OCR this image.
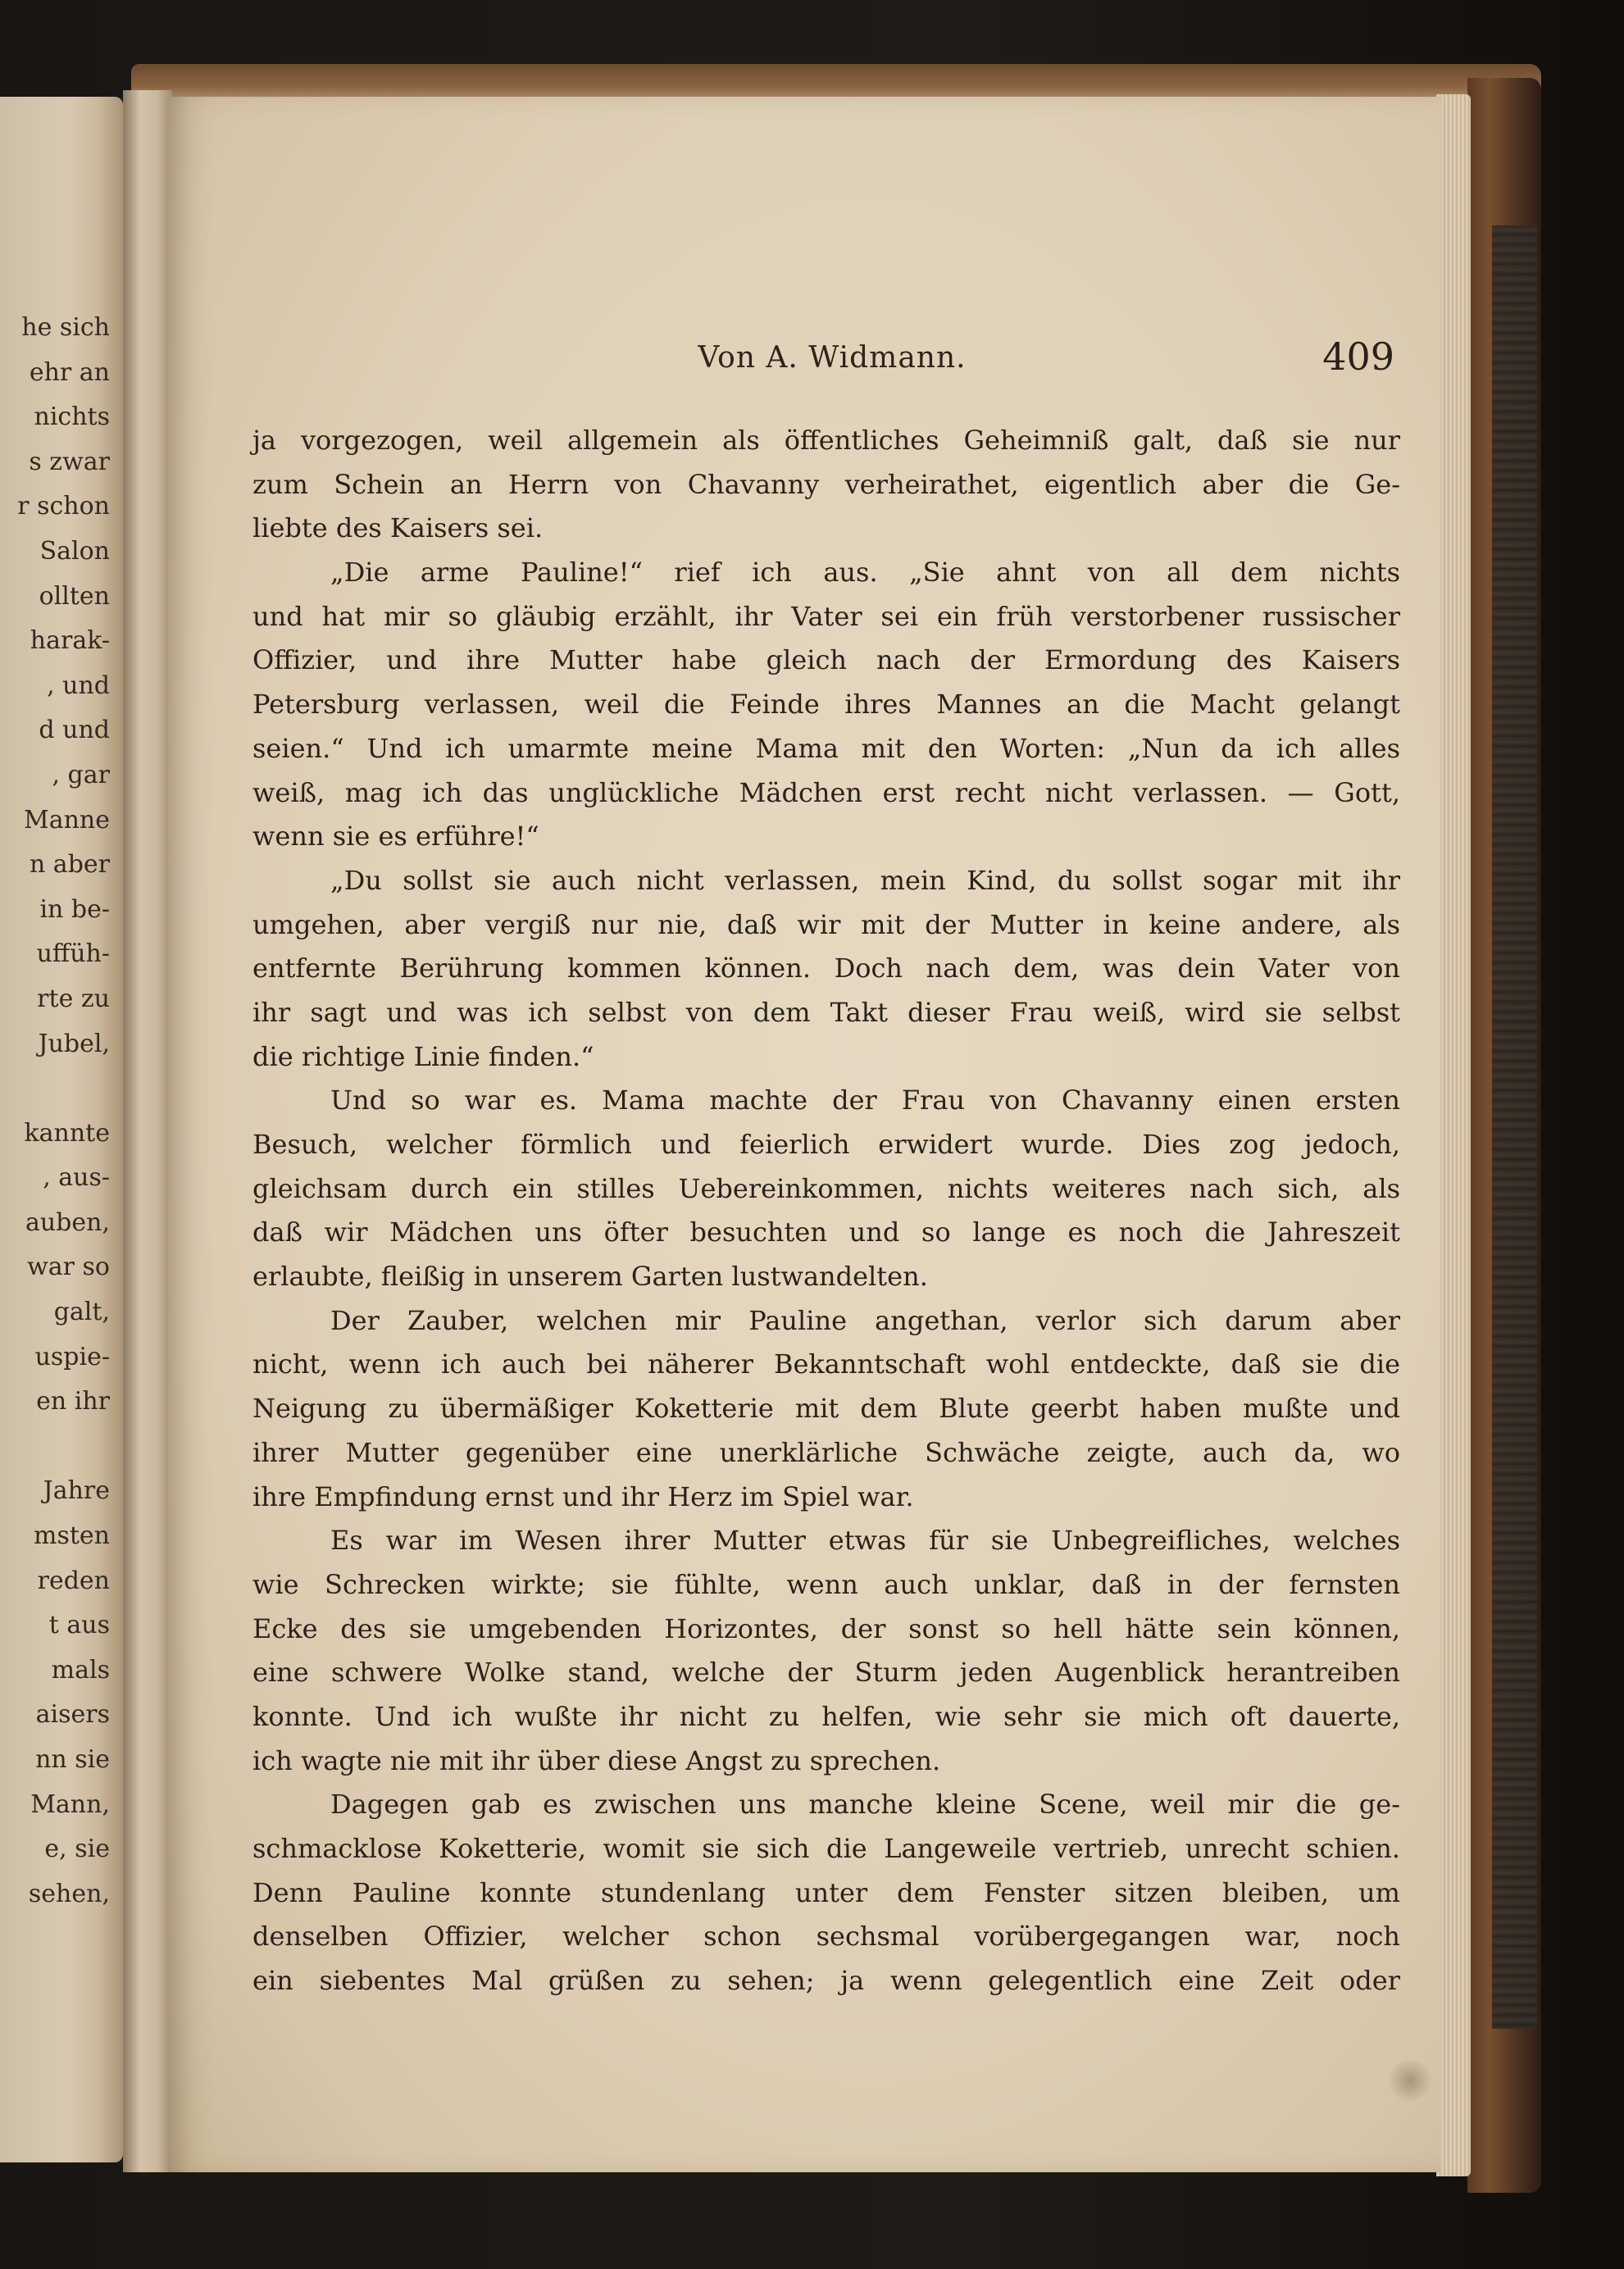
he sich
ehr an
nichts
s zwar
r schon
Salon
ollten
harak-
, und
d und
, gar
Manne
n aber
in be-
uffüh-
rte zu
Jubel,
kannte
, aus-
auben,
war so
galt,
uspie-
en ihr
Jahre
msten
reden
t aus
mals
aisers
nn sie
Mann,
e, sie
sehen,
Von A. Widmann.	409
ja vorgezogen, weil allgemein als öffentliches Geheimniß galt, daß sie nur
zum Schein an Herrn von Chavanny verheirathet, eigentlich aber die Ge-
liebte des Kaisers sei.
„Die arme Pauline!“ rief ich aus. „Sie ahnt von all dem nichts
und hat mir so gläubig erzählt, ihr Vater sei ein früh verstorbener russischer
Offizier, und ihre Mutter habe gleich nach der Ermordung des Kaisers
Petersburg verlassen, weil die Feinde ihres Mannes an die Macht gelangt
seien.“ Und ich umarmte meine Mama mit den Worten: „Nun da ich alles
weiß, mag ich das unglückliche Mädchen erst recht nicht verlassen. — Gott,
wenn sie es erführe!“
„Du sollst sie auch nicht verlassen, mein Kind, du sollst sogar mit ihr
umgehen, aber vergiß nur nie, daß wir mit der Mutter in keine andere, als
entfernte Berührung kommen können. Doch nach dem, was dein Vater von
ihr sagt und was ich selbst von dem Takt dieser Frau weiß, wird sie selbst
die richtige Linie finden.“
Und so war es. Mama machte der Frau von Chavanny einen ersten
Besuch, welcher förmlich und feierlich erwidert wurde. Dies zog jedoch,
gleichsam durch ein stilles Uebereinkommen, nichts weiteres nach sich, als
daß wir Mädchen uns öfter besuchten und so lange es noch die Jahreszeit
erlaubte, fleißig in unserem Garten lustwandelten.
Der Zauber, welchen mir Pauline angethan, verlor sich darum aber
nicht, wenn ich auch bei näherer Bekanntschaft wohl entdeckte, daß sie die
Neigung zu übermäßiger Koketterie mit dem Blute geerbt haben mußte und
ihrer Mutter gegenüber eine unerklärliche Schwäche zeigte, auch da, wo
ihre Empfindung ernst und ihr Herz im Spiel war.
Es war im Wesen ihrer Mutter etwas für sie Unbegreifliches, welches
wie Schrecken wirkte; sie fühlte, wenn auch unklar, daß in der fernsten
Ecke des sie umgebenden Horizontes, der sonst so hell hätte sein können,
eine schwere Wolke stand, welche der Sturm jeden Augenblick herantreiben
konnte. Und ich wußte ihr nicht zu helfen, wie sehr sie mich oft dauerte,
ich wagte nie mit ihr über diese Angst zu sprechen.
Dagegen gab es zwischen uns manche kleine Scene, weil mir die ge-
schmacklose Koketterie, womit sie sich die Langeweile vertrieb, unrecht schien.
Denn Pauline konnte stundenlang unter dem Fenster sitzen bleiben, um
denselben Offizier, welcher schon sechsmal vorübergegangen war, noch
ein siebentes Mal grüßen zu sehen; ja wenn gelegentlich eine Zeit oder
